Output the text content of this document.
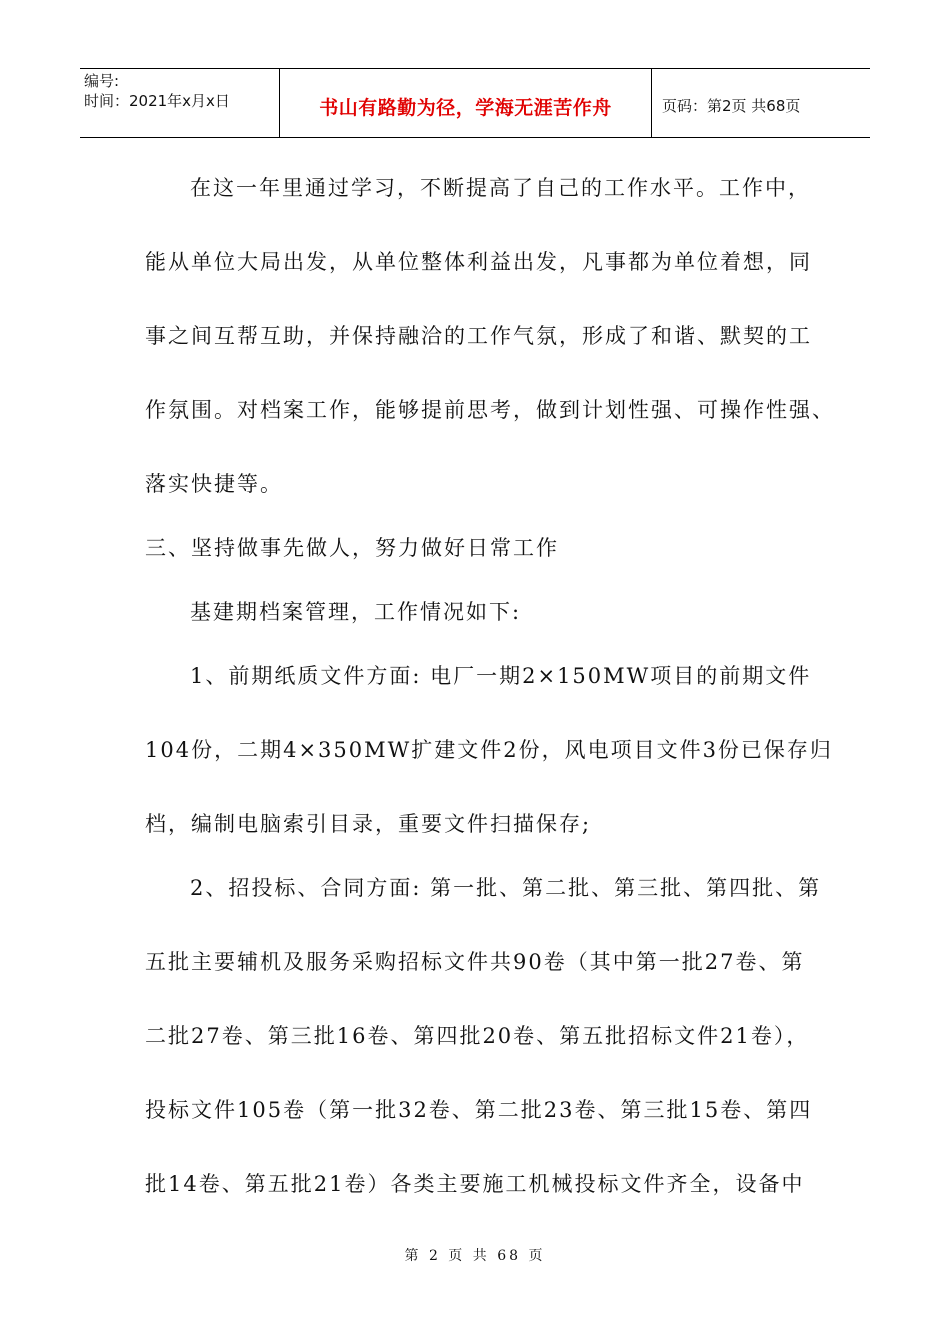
编号:
时间：2021年x月x日	书山有路勤为径，学海无涯苦作舟	页码：第2页 共68页
在这一年里通过学习，不断提高了自己的工作水平。工作中，
能从单位大局出发，从单位整体利益出发，凡事都为单位着想，同
事之间互帮互助，并保持融洽的工作气氛，形成了和谐、默契的工
作氛围。对档案工作，能够提前思考，做到计划性强、可操作性强、
落实快捷等。
三、坚持做事先做人，努力做好日常工作
基建期档案管理，工作情况如下:
1、前期纸质文件方面: 电厂一期2×150MW项目的前期文件
104份，二期4×350MW扩建文件2份，风电项目文件3份已保存归
档，编制电脑索引目录，重要文件扫描保存;
2、招投标、合同方面: 第一批、第二批、第三批、第四批、第
五批主要辅机及服务采购招标文件共90卷（其中第一批27卷、第
二批27卷、第三批16卷、第四批20卷、第五批招标文件21卷），
投标文件105卷（第一批32卷、第二批23卷、第三批15卷、第四
批14卷、第五批21卷）各类主要施工机械投标文件齐全，设备中
第 2 页 共 68 页
